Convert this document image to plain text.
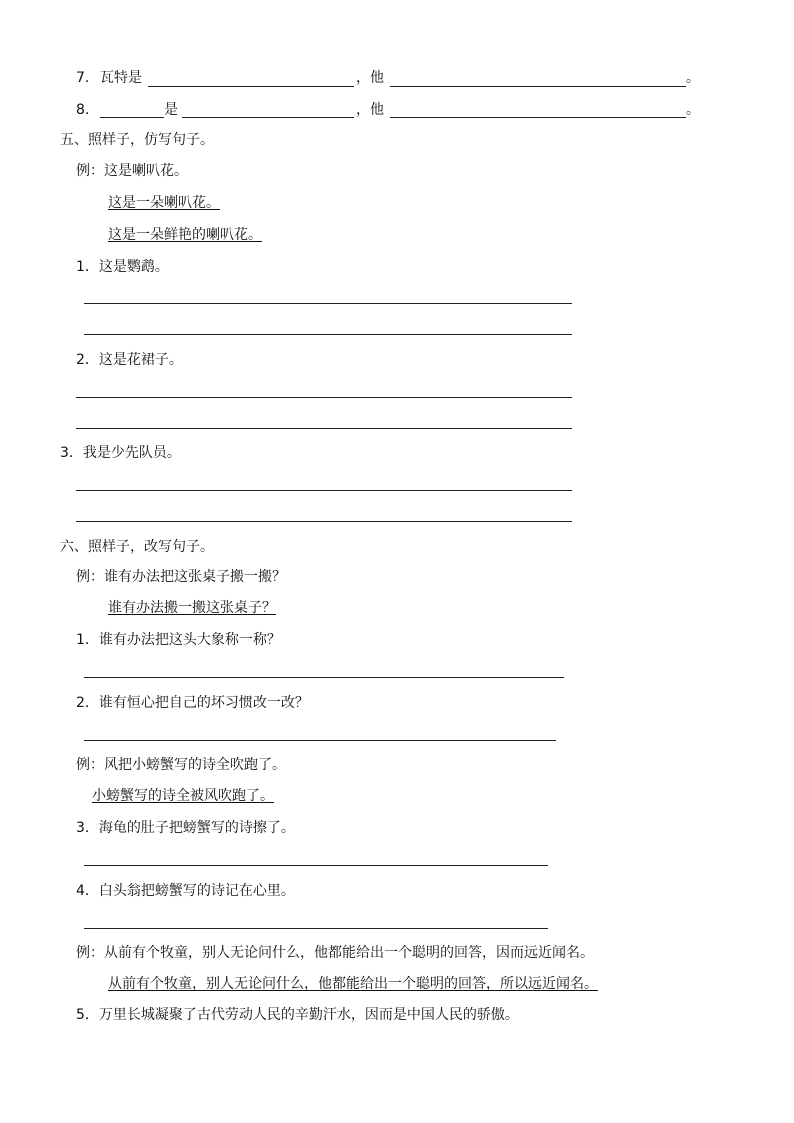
7. 瓦特是	，他	。
8.	是	，他	。
五、照样子，仿写句子。
例：这是喇叭花。
这是一朵喇叭花。
这是一朵鲜艳的喇叭花。
1．这是鹦鹉。
2．这是花裙子。
3．我是少先队员。
六、照样子，改写句子。
例：谁有办法把这张桌子搬一搬？
谁有办法搬一搬这张桌子？
1．谁有办法把这头大象称一称？
2．谁有恒心把自己的坏习惯改一改？
例：风把小螃蟹写的诗全吹跑了。
小螃蟹写的诗全被风吹跑了。
3．海龟的肚子把螃蟹写的诗擦了。
4．白头翁把螃蟹写的诗记在心里。
例：从前有个牧童，别人无论问什么，他都能给出一个聪明的回答，因而远近闻名。
从前有个牧童，别人无论问什么，他都能给出一个聪明的回答，所以远近闻名。
5．万里长城凝聚了古代劳动人民的辛勤汗水，因而是中国人民的骄傲。
